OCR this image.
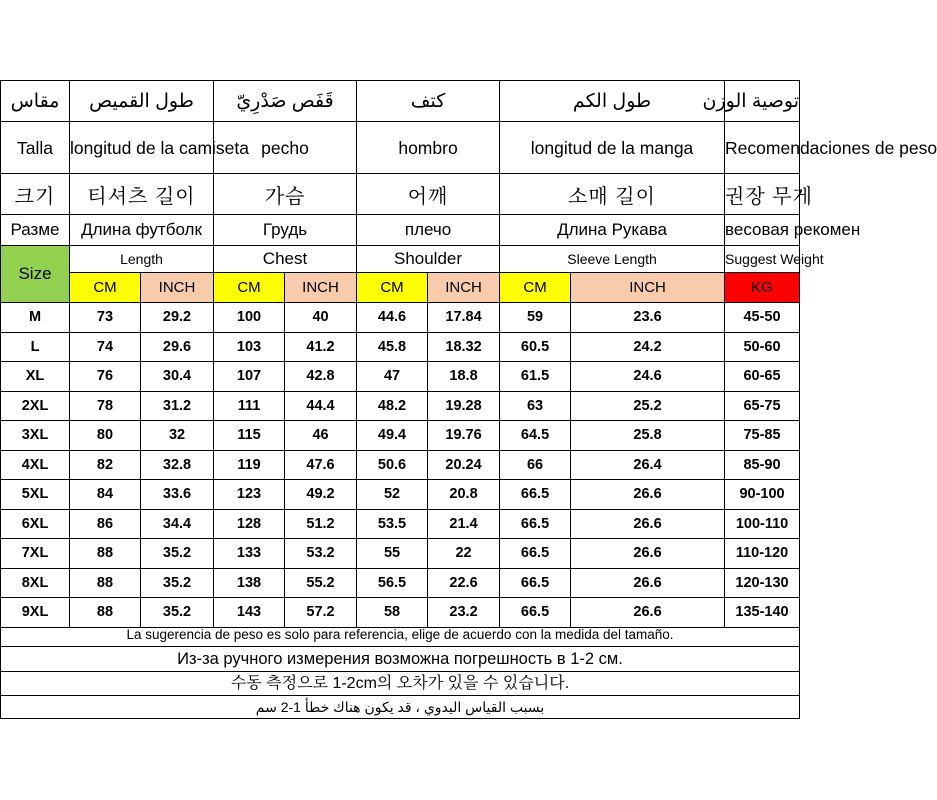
مقاس	طول القميص		قَفَص صَدْرِيّ		كتف		طول الكم		توصية الوزن
Talla	longitud de la camiseta		pecho		hombro		longitud de la manga		Recomendaciones de peso
크기	티셔츠 길이		가슴		어깨		소매 길이		권장 무게
Разме	Длина футболк		Грудь		плечо		Длина Рукава		весовая рекомен
Size	Length		Chest		Shoulder		Sleeve Length		Suggest Weight
	CM	INCH	CM	INCH	CM	INCH	CM	INCH	KG
M	73	29.2	100	40	44.6	17.84	59	23.6	45-50
L	74	29.6	103	41.2	45.8	18.32	60.5	24.2	50-60
XL	76	30.4	107	42.8	47	18.8	61.5	24.6	60-65
2XL	78	31.2	111	44.4	48.2	19.28	63	25.2	65-75
3XL	80	32	115	46	49.4	19.76	64.5	25.8	75-85
4XL	82	32.8	119	47.6	50.6	20.24	66	26.4	85-90
5XL	84	33.6	123	49.2	52	20.8	66.5	26.6	90-100
6XL	86	34.4	128	51.2	53.5	21.4	66.5	26.6	100-110
7XL	88	35.2	133	53.2	55	22	66.5	26.6	110-120
8XL	88	35.2	138	55.2	56.5	22.6	66.5	26.6	120-130
9XL	88	35.2	143	57.2	58	23.2	66.5	26.6	135-140
La sugerencia de peso es solo para referencia, elige de acuerdo con la medida del tamaño.
Из-за ручного измерения возможна погрешность в 1-2 см.
수동 측정으로 1-2cm의 오차가 있을 수 있습니다.
بسبب القياس اليدوي ، قد يكون هناك خطأ 1-2 سم
